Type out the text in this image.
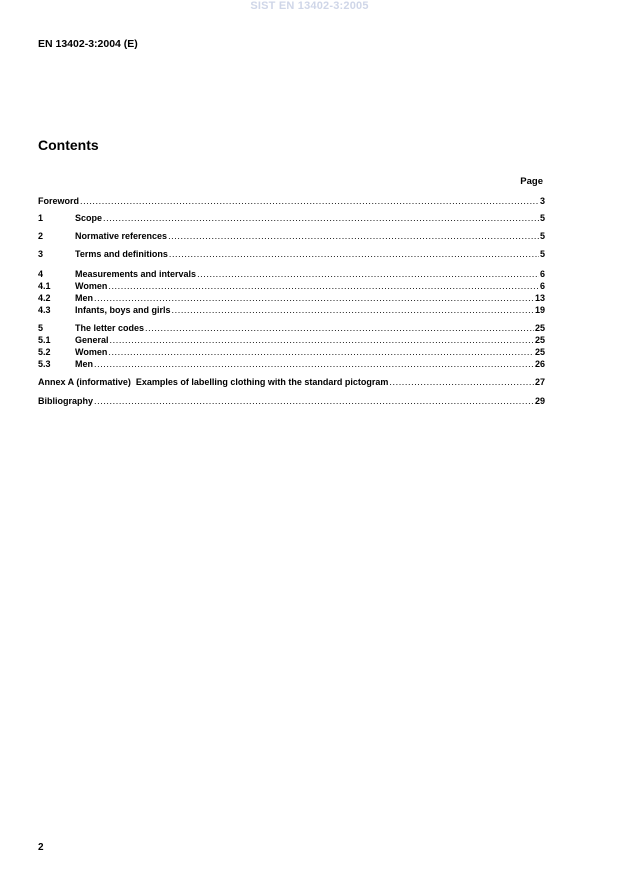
SIST EN 13402-3:2005
EN 13402-3:2004 (E)
Contents
Page
Foreword .....	3
1	Scope .....	5
2	Normative references .....	5
3	Terms and definitions .....	5
4	Measurements and intervals .....	6
4.1	Women .....	6
4.2	Men .....	13
4.3	Infants, boys and girls .....	19
5	The letter codes .....	25
5.1	General .....	25
5.2	Women .....	25
5.3	Men .....	26
Annex A (informative)  Examples of labelling clothing with the standard pictogram .....	27
Bibliography .....	29
2
